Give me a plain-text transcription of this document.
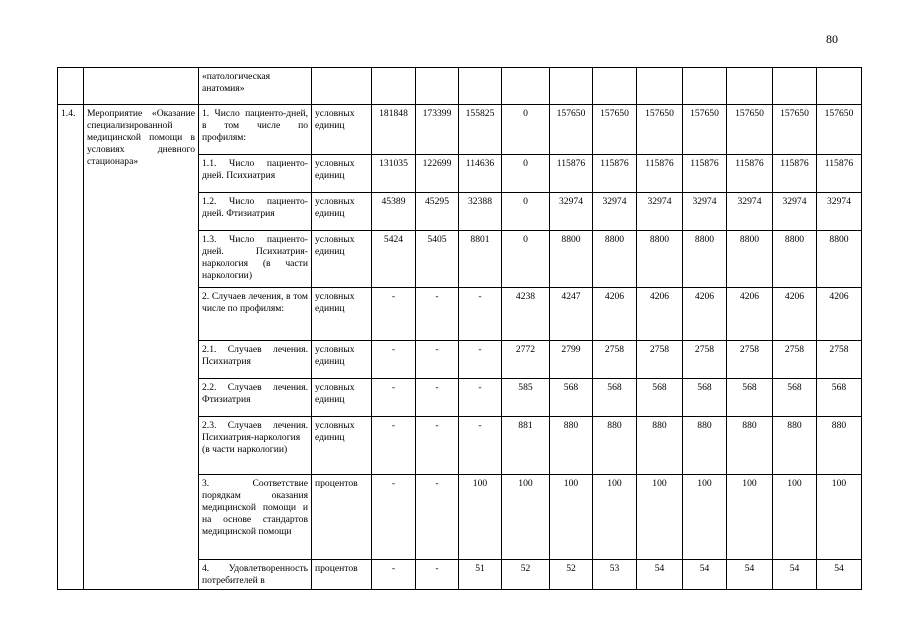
80
		«патологическая анатомия»												
1.4.	Мероприятие «Оказание специализированной медицинской помощи в условиях дневного стационара»	1. Число пациенто-дней, в том числе по профилям:	условных единиц	181848	173399	155825	0	157650	157650	157650	157650	157650	157650	157650
		1.1. Число пациенто-дней. Психиатрия	условных единиц	131035	122699	114636	0	115876	115876	115876	115876	115876	115876	115876
		1.2. Число пациенто-дней. Фтизиатрия	условных единиц	45389	45295	32388	0	32974	32974	32974	32974	32974	32974	32974
		1.3. Число пациенто-дней. Психиатрия-наркология (в части наркологии)	условных единиц	5424	5405	8801	0	8800	8800	8800	8800	8800	8800	8800
		2. Случаев лечения, в том числе по профилям:	условных единиц	-	-	-	4238	4247	4206	4206	4206	4206	4206	4206
		2.1. Случаев лечения. Психиатрия	условных единиц	-	-	-	2772	2799	2758	2758	2758	2758	2758	2758
		2.2. Случаев лечения. Фтизиатрия	условных единиц	-	-	-	585	568	568	568	568	568	568	568
		2.3. Случаев лечения. Психиатрия-наркология (в части наркологии)	условных единиц	-	-	-	881	880	880	880	880	880	880	880
		3. Соответствие порядкам оказания медицинской помощи и на основе стандартов медицинской помощи	процентов	-	-	100	100	100	100	100	100	100	100	100
		4. Удовлетворенность потребителей в	процентов	-	-	51	52	52	53	54	54	54	54	54
